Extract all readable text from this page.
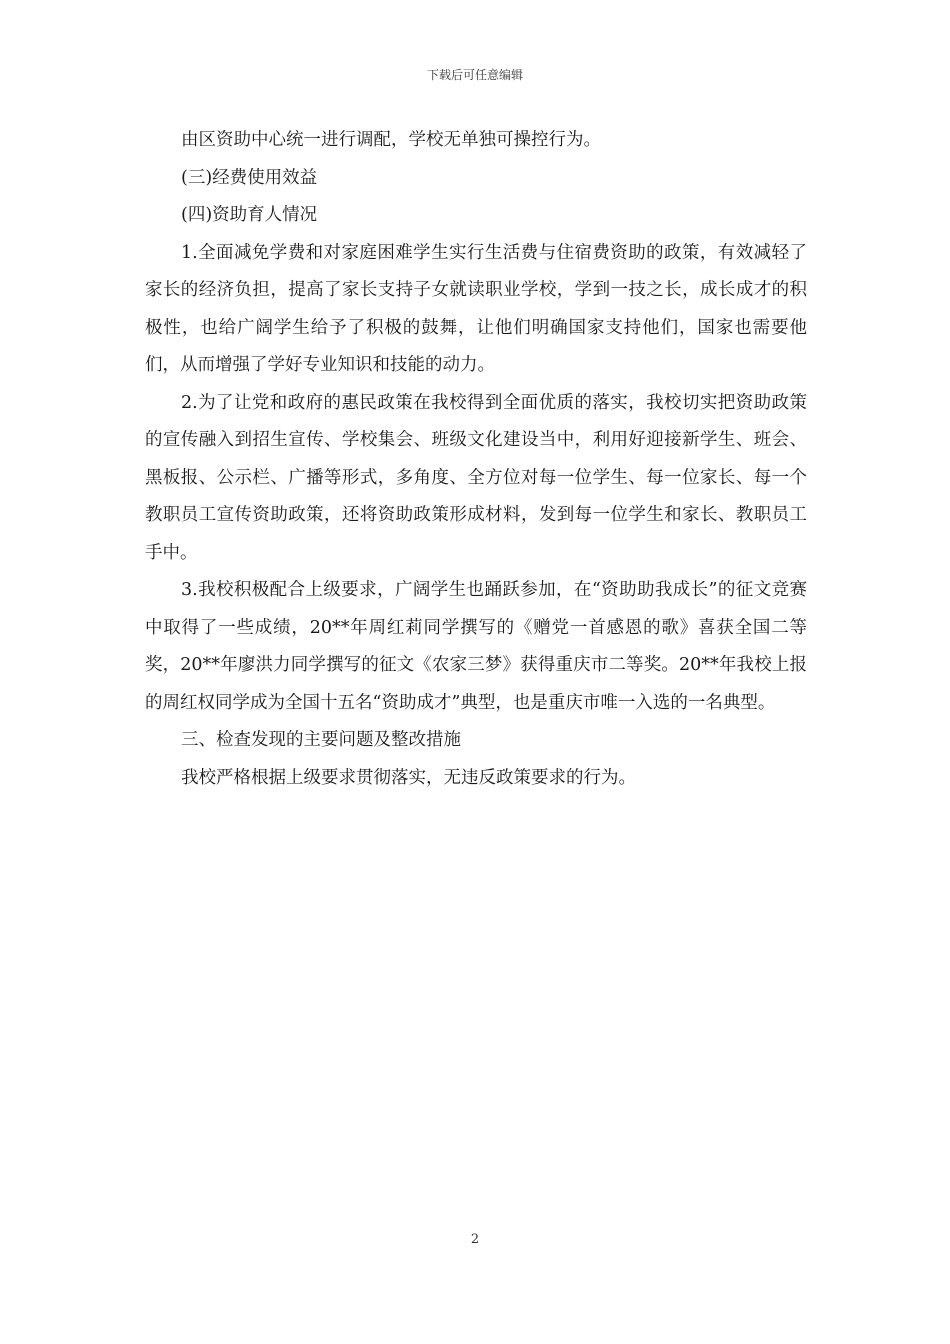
下载后可任意编辑

由区资助中心统一进行调配，学校无单独可操控行为。

(三)经费使用效益

(四)资助育人情况

1.全面减免学费和对家庭困难学生实行生活费与住宿费资助的政策，有效减轻了家长的经济负担，提高了家长支持子女就读职业学校，学到一技之长，成长成才的积极性，也给广阔学生给予了积极的鼓舞，让他们明确国家支持他们，国家也需要他们，从而增强了学好专业知识和技能的动力。

2.为了让党和政府的惠民政策在我校得到全面优质的落实，我校切实把资助政策的宣传融入到招生宣传、学校集会、班级文化建设当中，利用好迎接新学生、班会、黑板报、公示栏、广播等形式，多角度、全方位对每一位学生、每一位家长、每一个教职员工宣传资助政策，还将资助政策形成材料，发到每一位学生和家长、教职员工手中。

3.我校积极配合上级要求，广阔学生也踊跃参加，在“资助助我成长”的征文竞赛中取得了一些成绩，20**年周红莉同学撰写的《赠党一首感恩的歌》喜获全国二等奖，20**年廖洪力同学撰写的征文《农家三梦》获得重庆市二等奖。20**年我校上报的周红权同学成为全国十五名“资助成才”典型，也是重庆市唯一入选的一名典型。

三、检查发现的主要问题及整改措施

我校严格根据上级要求贯彻落实，无违反政策要求的行为。

2
